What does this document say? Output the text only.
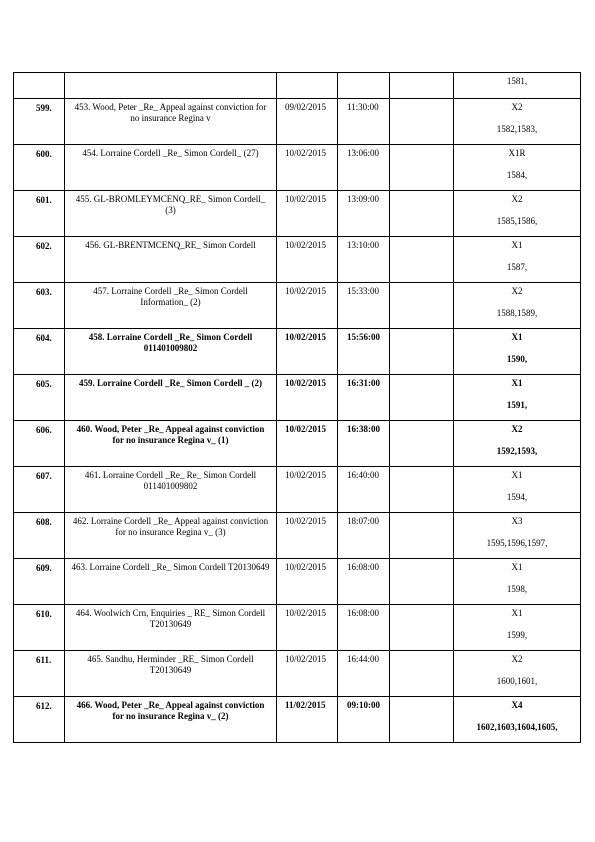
					1581,

599.	453. Wood, Peter _Re_ Appeal against conviction for no insurance Regina v	09/02/2015	11:30:00		X2
1582,1583,

600.	454. Lorraine Cordell _Re_ Simon Cordell_ (27)	10/02/2015	13:06:00		X1R
1584,

601.	455. GL-BROMLEYMCENQ_RE_ Simon Cordell_ (3)	10/02/2015	13:09:00		X2
1585,1586,

602.	456. GL-BRENTMCENQ_RE_ Simon Cordell	10/02/2015	13:10:00		X1
1587,

603.	457. Lorraine Cordell _Re_ Simon Cordell Information_ (2)	10/02/2015	15:33:00		X2
1588,1589,

604.	458. Lorraine Cordell _Re_ Simon Cordell 011401009802	10/02/2015	15:56:00		X1
1590,

605.	459. Lorraine Cordell _Re_ Simon Cordell _ (2)	10/02/2015	16:31:00		X1
1591,

606.	460. Wood, Peter _Re_ Appeal against conviction for no insurance Regina v_ (1)	10/02/2015	16:38:00		X2
1592,1593,

607.	461. Lorraine Cordell _Re_ Re_ Simon Cordell 011401009802	10/02/2015	16:40:00		X1
1594,

608.	462. Lorraine Cordell _Re_ Appeal against conviction for no insurance Regina v_ (3)	10/02/2015	18:07:00		X3
1595,1596,1597,

609.	463. Lorraine Cordell _Re_ Simon Cordell T20130649	10/02/2015	16:08:00		X1
1598,

610.	464. Woolwich Crn, Enquiries _ RE_ Simon Cordell T20130649	10/02/2015	16:08:00		X1
1599,

611.	465. Sandhu, Herminder _RE_ Simon Cordell T20130649	10/02/2015	16:44:00		X2
1600,1601,

612.	466. Wood, Peter _Re_ Appeal against conviction for no insurance Regina v_ (2)	11/02/2015	09:10:00		X4
1602,1603,1604,1605,
